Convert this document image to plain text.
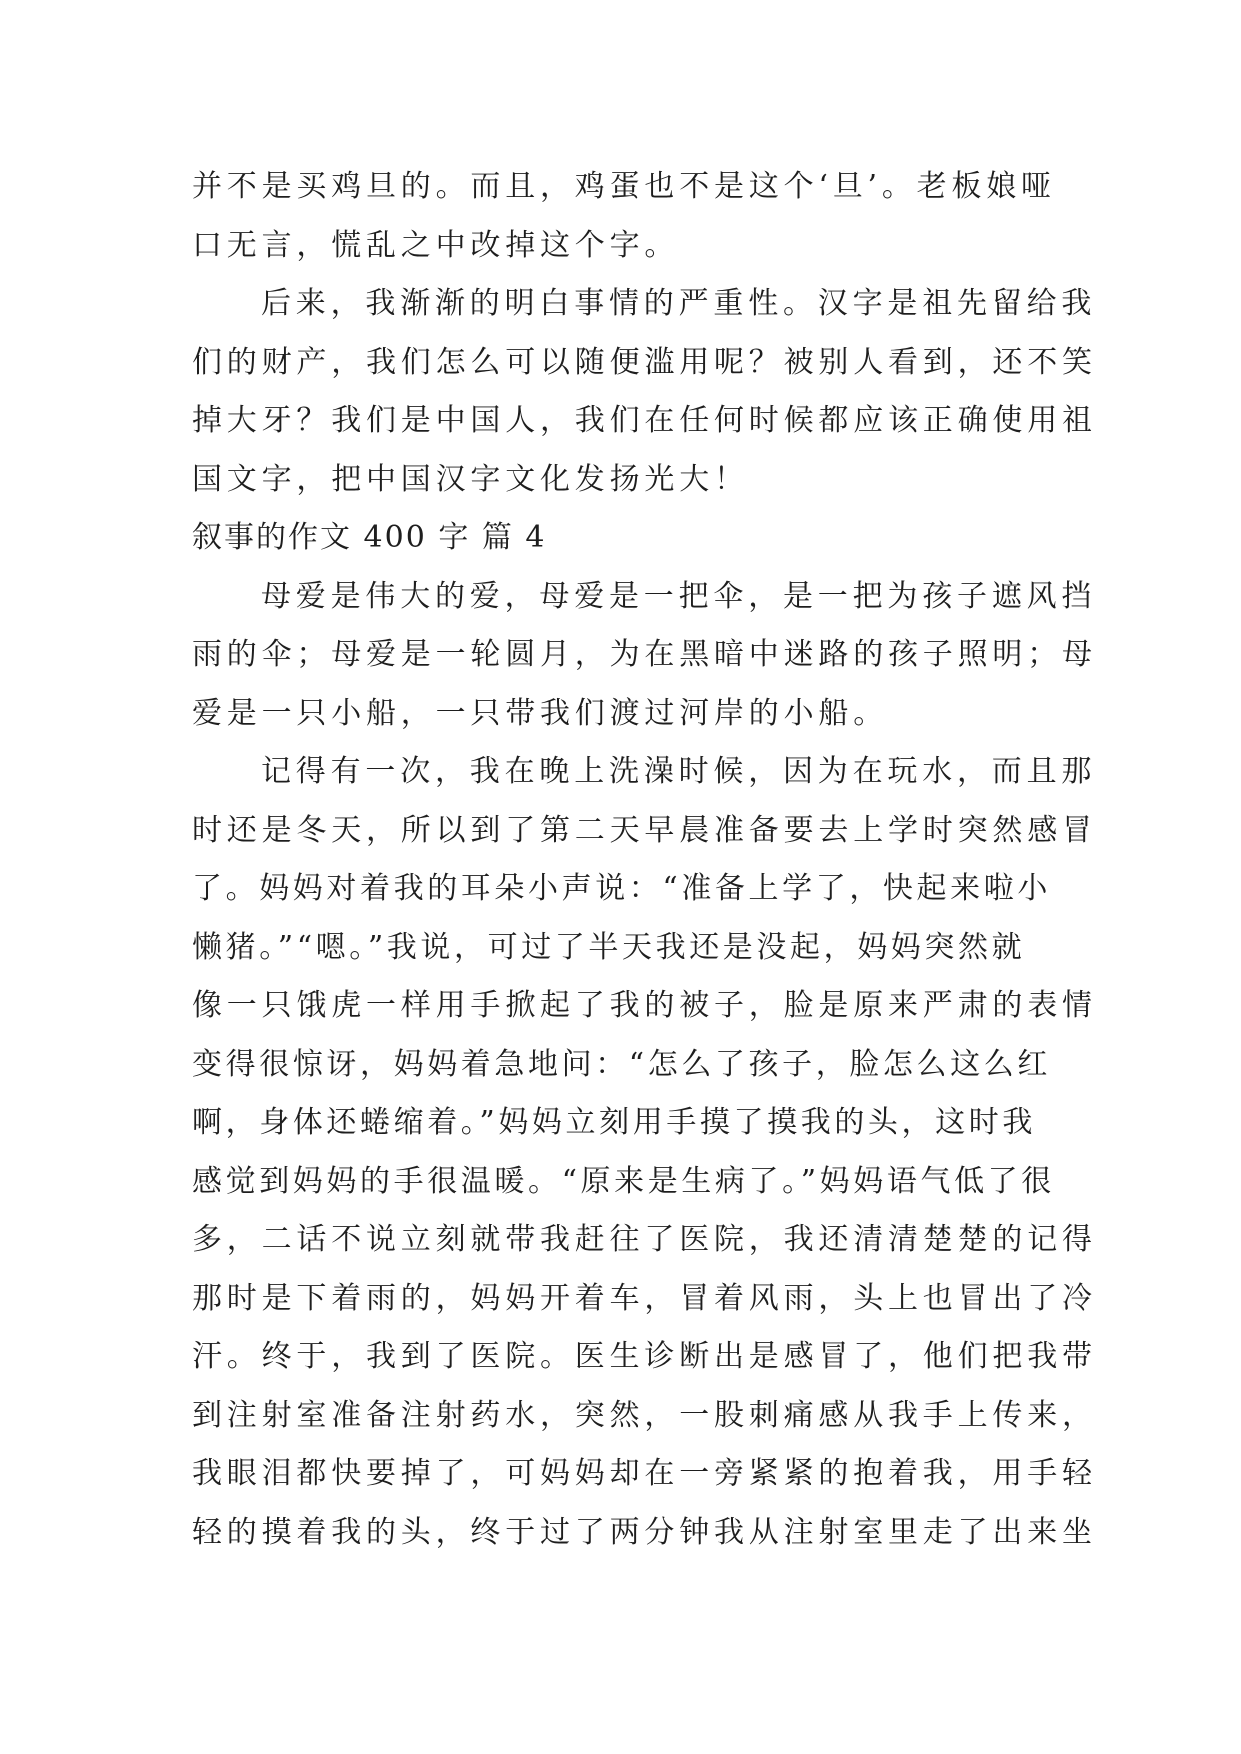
并不是买鸡旦的。而且，鸡蛋也不是这个‘旦’。老板娘哑
口无言，慌乱之中改掉这个字。
后来，我渐渐的明白事情的严重性。汉字是祖先留给我
们的财产，我们怎么可以随便滥用呢？被别人看到，还不笑
掉大牙？我们是中国人，我们在任何时候都应该正确使用祖
国文字，把中国汉字文化发扬光大！
叙事的作文 400 字 篇 4
母爱是伟大的爱，母爱是一把伞，是一把为孩子遮风挡
雨的伞；母爱是一轮圆月，为在黑暗中迷路的孩子照明；母
爱是一只小船，一只带我们渡过河岸的小船。
记得有一次，我在晚上洗澡时候，因为在玩水，而且那
时还是冬天，所以到了第二天早晨准备要去上学时突然感冒
了。妈妈对着我的耳朵小声说：“准备上学了，快起来啦小
懒猪。”“嗯。”我说，可过了半天我还是没起，妈妈突然就
像一只饿虎一样用手掀起了我的被子，脸是原来严肃的表情
变得很惊讶，妈妈着急地问：“怎么了孩子，脸怎么这么红
啊，身体还蜷缩着。”妈妈立刻用手摸了摸我的头，这时我
感觉到妈妈的手很温暖。“原来是生病了。”妈妈语气低了很
多，二话不说立刻就带我赶往了医院，我还清清楚楚的记得
那时是下着雨的，妈妈开着车，冒着风雨，头上也冒出了冷
汗。终于，我到了医院。医生诊断出是感冒了，他们把我带
到注射室准备注射药水，突然，一股刺痛感从我手上传来，
我眼泪都快要掉了，可妈妈却在一旁紧紧的抱着我，用手轻
轻的摸着我的头，终于过了两分钟我从注射室里走了出来坐
